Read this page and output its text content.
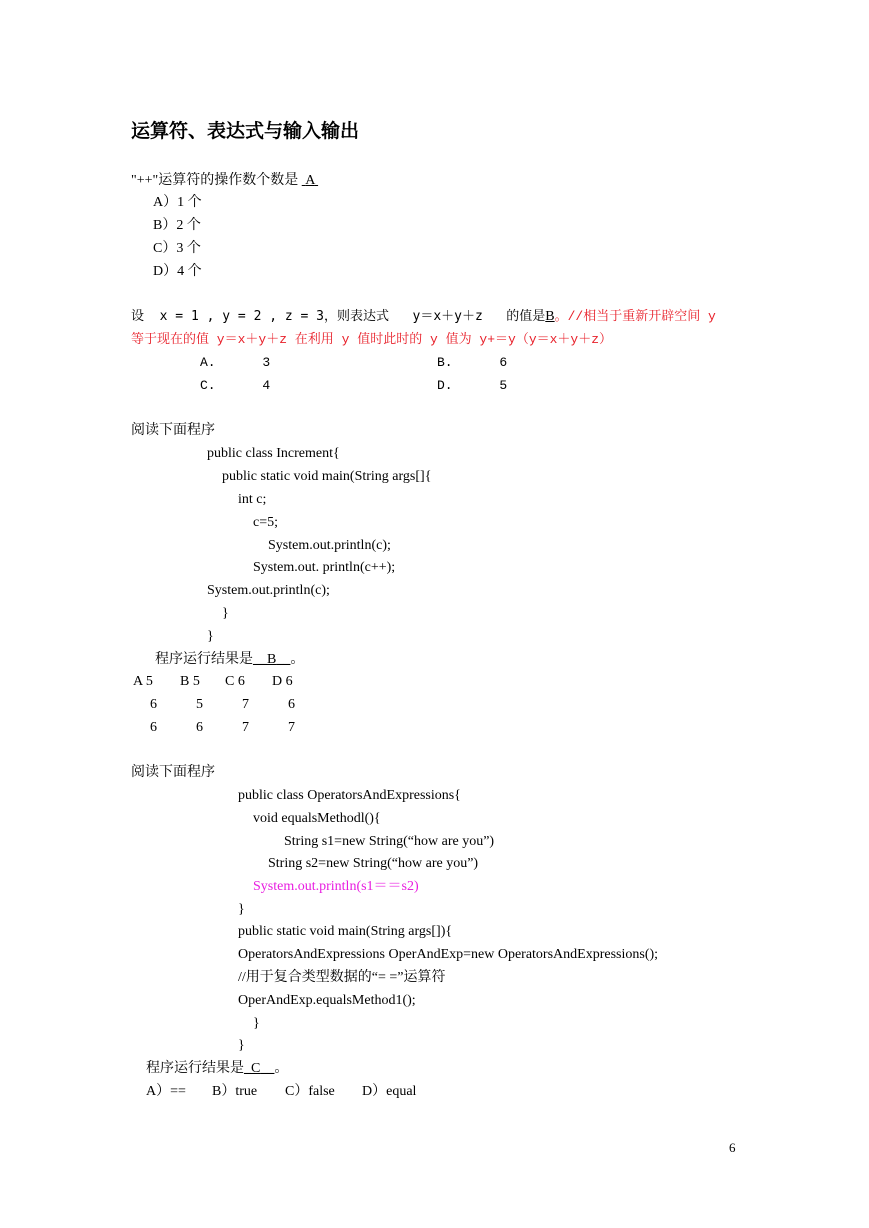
运算符、表达式与输入输出
"++"运算符的操作数个数是 A
A）1 个
B）2 个
C）3 个
D）4 个
设  x = 1 , y = 2 , z = 3，则表达式   y＝x＋y＋z   的值是B。//相当于重新开辟空间 y
等于现在的值 y＝x＋y＋z 在利用 y 值时此时的 y 值为 y+＝y（y＝x＋y＋z）
A.	3	B.	6
C.	4	D.	5
阅读下面程序
public class Increment{
public static void main(String args[]{
int c;
c=5;
System.out.println(c);
System.out. println(c++);
System.out.println(c);
}
}
程序运行结果是__B__。
A 5 B 5 C 6 D 6
6	5	7	6
6	6	7	7
阅读下面程序
public class OperatorsAndExpressions{
void equalsMethodl(){
String s1=new String(“how are you”)
String s2=new String(“how are you”)
System.out.println(s1＝＝s2)
}
public static void main(String args[]){
OperatorsAndExpressions OperAndExp=new OperatorsAndExpressions();
//用于复合类型数据的“= =”运算符
OperAndExp.equalsMethod1();
}
}
程序运行结果是_C__。
A）== B）true C）false D）equal
6
